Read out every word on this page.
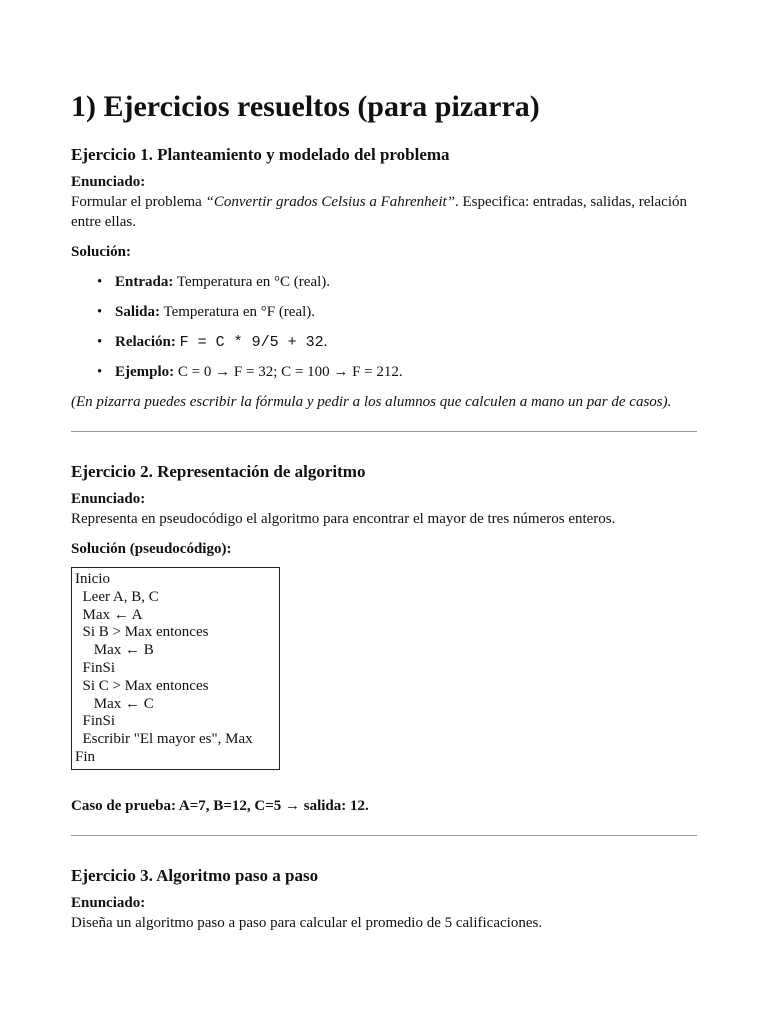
1) Ejercicios resueltos (para pizarra)
Ejercicio 1. Planteamiento y modelado del problema

Enunciado:

Formular el problema “Convertir grados Celsius a Fahrenheit”. Especifica: entradas, salidas, relación entre ellas.

Solución:

• Entrada: Temperatura en °C (real).
• Salida: Temperatura en °F (real).
• Relación: F = C * 9/5 + 32.
• Ejemplo: C = 0 → F = 32; C = 100 → F = 212.

(En pizarra puedes escribir la fórmula y pedir a los alumnos que calculen a mano un par de casos).

Ejercicio 2. Representación de algoritmo

Enunciado:

Representa en pseudocódigo el algoritmo para encontrar el mayor de tres números enteros.

Solución (pseudocódigo):

Inicio
Leer A, B, C
Max ← A
Si B > Max entonces
Max ← B
FinSi
Si C > Max entonces
Max ← C
FinSi
Escribir "El mayor es", Max
Fin

Caso de prueba: A=7, B=12, C=5 → salida: 12.

Ejercicio 3. Algoritmo paso a paso

Enunciado:

Diseña un algoritmo paso a paso para calcular el promedio de 5 calificaciones.
